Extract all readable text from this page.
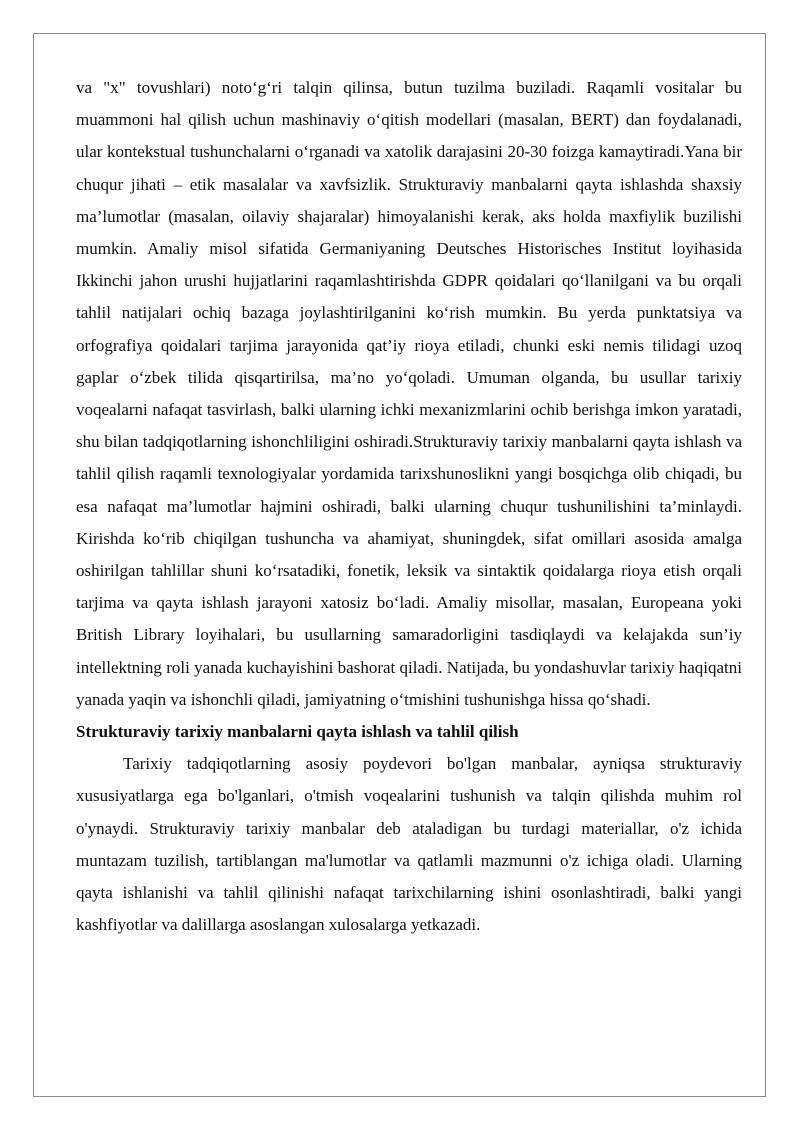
va "x" tovushlari) noto‘g‘ri talqin qilinsa, butun tuzilma buziladi. Raqamli vositalar bu muammoni hal qilish uchun mashinaviy o‘qitish modellari (masalan, BERT) dan foydalanadi, ular kontekstual tushunchalarni o‘rganadi va xatolik darajasini 20-30 foizga kamaytiradi.Yana bir chuqur jihati – etik masalalar va xavfsizlik. Strukturaviy manbalarni qayta ishlashda shaxsiy ma’lumotlar (masalan, oilaviy shajaralar) himoyalanishi kerak, aks holda maxfiylik buzilishi mumkin. Amaliy misol sifatida Germaniyaning Deutsches Historisches Institut loyihasida Ikkinchi jahon urushi hujjatlarini raqamlashtirishda GDPR qoidalari qo‘llanilgani va bu orqali tahlil natijalari ochiq bazaga joylashtirilganini ko‘rish mumkin. Bu yerda punktatsiya va orfografiya qoidalari tarjima jarayonida qat’iy rioya etiladi, chunki eski nemis tilidagi uzoq gaplar o‘zbek tilida qisqartirilsa, ma’no yo‘qoladi. Umuman olganda, bu usullar tarixiy voqealarni nafaqat tasvirlash, balki ularning ichki mexanizmlarini ochib berishga imkon yaratadi, shu bilan tadqiqotlarning ishonchliligini oshiradi.Strukturaviy tarixiy manbalarni qayta ishlash va tahlil qilish raqamli texnologiyalar yordamida tarixshunoslikni yangi bosqichga olib chiqadi, bu esa nafaqat ma’lumotlar hajmini oshiradi, balki ularning chuqur tushunilishini ta’minlaydi. Kirishda ko‘rib chiqilgan tushuncha va ahamiyat, shuningdek, sifat omillari asosida amalga oshirilgan tahlillar shuni ko‘rsatadiki, fonetik, leksik va sintaktik qoidalarga rioya etish orqali tarjima va qayta ishlash jarayoni xatosiz bo‘ladi. Amaliy misollar, masalan, Europeana yoki British Library loyihalari, bu usullarning samaradorligini tasdiqlaydi va kelajakda sun’iy intellektning roli yanada kuchayishini bashorat qiladi. Natijada, bu yondashuvlar tarixiy haqiqatni yanada yaqin va ishonchli qiladi, jamiyatning o‘tmishini tushunishga hissa qo‘shadi.

Strukturaviy tarixiy manbalarni qayta ishlash va tahlil qilish

Tarixiy tadqiqotlarning asosiy poydevori bo'lgan manbalar, ayniqsa strukturaviy xususiyatlarga ega bo'lganlari, o'tmish voqealarini tushunish va talqin qilishda muhim rol o'ynaydi. Strukturaviy tarixiy manbalar deb ataladigan bu turdagi materiallar, o'z ichida muntazam tuzilish, tartiblangan ma'lumotlar va qatlamli mazmunni o'z ichiga oladi. Ularning qayta ishlanishi va tahlil qilinishi nafaqat tarixchilarning ishini osonlashtiradi, balki yangi kashfiyotlar va dalillarga asoslangan xulosalarga yetkazadi.
